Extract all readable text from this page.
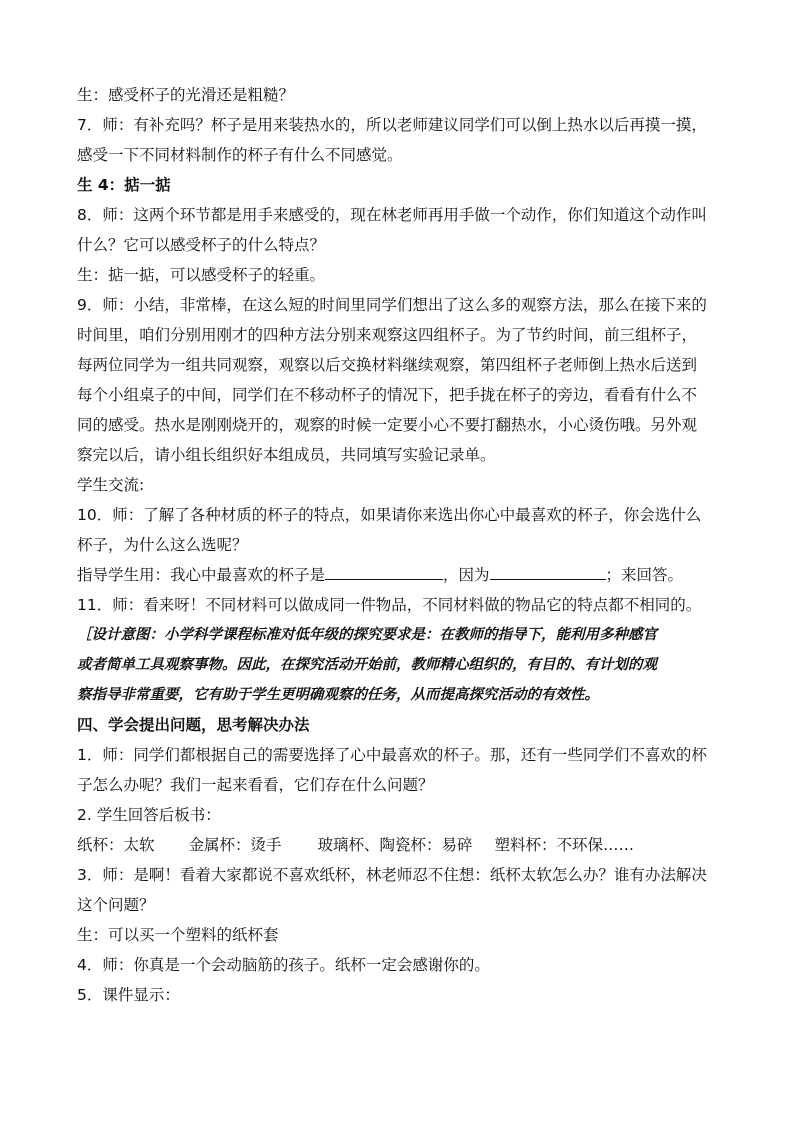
生：感受杯子的光滑还是粗糙？
7．师：有补充吗？杯子是用来装热水的，所以老师建议同学们可以倒上热水以后再摸一摸，
感受一下不同材料制作的杯子有什么不同感觉。
生 4：掂一掂
8．师：这两个环节都是用手来感受的，现在林老师再用手做一个动作，你们知道这个动作叫
什么？它可以感受杯子的什么特点？
生：掂一掂，可以感受杯子的轻重。
9．师：小结，非常棒，在这么短的时间里同学们想出了这么多的观察方法，那么在接下来的
时间里，咱们分别用刚才的四种方法分别来观察这四组杯子。为了节约时间，前三组杯子，
每两位同学为一组共同观察，观察以后交换材料继续观察，第四组杯子老师倒上热水后送到
每个小组桌子的中间，同学们在不移动杯子的情况下，把手拢在杯子的旁边，看看有什么不
同的感受。热水是刚刚烧开的，观察的时候一定要小心不要打翻热水，小心烫伤哦。另外观
察完以后，请小组长组织好本组成员，共同填写实验记录单。
学生交流:
10．师：了解了各种材质的杯子的特点，如果请你来选出你心中最喜欢的杯子，你会选什么
杯子，为什么这么选呢？
指导学生用：我心中最喜欢的杯子是	，因为	；来回答。
11．师：看来呀！不同材料可以做成同一件物品，不同材料做的物品它的特点都不相同的。
［设计意图：小学科学课程标准对低年级的探究要求是：在教师的指导下，能利用多种感官
或者简单工具观察事物。因此，在探究活动开始前，教师精心组织的，有目的、有计划的观
察指导非常重要，它有助于学生更明确观察的任务，从而提高探究活动的有效性。
四、学会提出问题，思考解决办法
1．师：同学们都根据自己的需要选择了心中最喜欢的杯子。那，还有一些同学们不喜欢的杯
子怎么办呢？我们一起来看看，它们存在什么问题？
2. 学生回答后板书：
纸杯：太软 金属杯：烫手 玻璃杯、陶瓷杯：易碎 塑料杯：不环保……
3．师：是啊！看着大家都说不喜欢纸杯，林老师忍不住想：纸杯太软怎么办？谁有办法解决
这个问题？
生：可以买一个塑料的纸杯套
4．师：你真是一个会动脑筋的孩子。纸杯一定会感谢你的。
5．课件显示：
